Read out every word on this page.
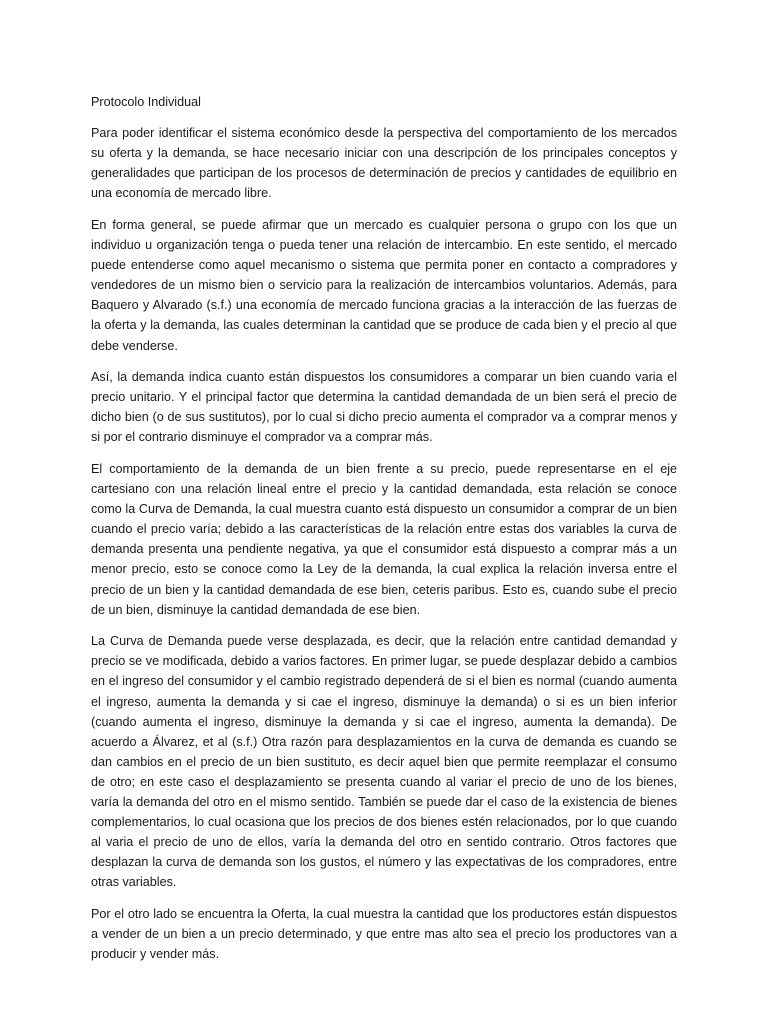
Protocolo Individual

Para poder identificar el sistema económico desde la perspectiva del comportamiento de los mercados su oferta y la demanda, se hace necesario iniciar con una descripción de los principales conceptos y generalidades que participan de los procesos de determinación de precios y cantidades de equilibrio en una economía de mercado libre.

En forma general, se puede afirmar que un mercado es cualquier persona o grupo con los que un individuo u organización tenga o pueda tener una relación de intercambio. En este sentido, el mercado puede entenderse como aquel mecanismo o sistema que permita poner en contacto a compradores y vendedores de un mismo bien o servicio para la realización de intercambios voluntarios. Además, para Baquero y Alvarado (s.f.) una economía de mercado funciona gracias a la interacción de las fuerzas de la oferta y la demanda, las cuales determinan la cantidad que se produce de cada bien y el precio al que debe venderse.

Así, la demanda indica cuanto están dispuestos los consumidores a comparar un bien cuando varia el precio unitario. Y el principal factor que determina la cantidad demandada de un bien será el precio de dicho bien (o de sus sustitutos), por lo cual si dicho precio aumenta el comprador va a comprar menos y si por el contrario disminuye el comprador va a comprar más.

El comportamiento de la demanda de un bien frente a su precio, puede representarse en el eje cartesiano con una relación lineal entre el precio y la cantidad demandada, esta relación se conoce como la Curva de Demanda, la cual muestra cuanto está dispuesto un consumidor a comprar de un bien cuando el precio varía; debido a las características de la relación entre estas dos variables la curva de demanda presenta una pendiente negativa, ya que el consumidor está dispuesto a comprar más a un menor precio, esto se conoce como la Ley de la demanda, la cual explica la relación inversa entre el precio de un bien y la cantidad demandada de ese bien, ceteris paribus. Esto es, cuando sube el precio de un bien, disminuye la cantidad demandada de ese bien.

La Curva de Demanda puede verse desplazada, es decir, que la relación entre cantidad demandad y precio se ve modificada, debido a varios factores. En primer lugar, se puede desplazar debido a cambios en el ingreso del consumidor y el cambio registrado dependerá de si el bien es normal (cuando aumenta el ingreso, aumenta la demanda y si cae el ingreso, disminuye la demanda) o si es un bien inferior (cuando aumenta el ingreso, disminuye la demanda y si cae el ingreso, aumenta la demanda). De acuerdo a Álvarez, et al (s.f.) Otra razón para desplazamientos en la curva de demanda es cuando se dan cambios en el precio de un bien sustituto, es decir aquel bien que permite reemplazar el consumo de otro; en este caso el desplazamiento se presenta cuando al variar el precio de uno de los bienes, varía la demanda del otro en el mismo sentido. También se puede dar el caso de la existencia de bienes complementarios, lo cual ocasiona que los precios de dos bienes estén relacionados, por lo que cuando al varia el precio de uno de ellos, varía la demanda del otro en sentido contrario. Otros factores que desplazan la curva de demanda son los gustos, el número y las expectativas de los compradores, entre otras variables.

Por el otro lado se encuentra la Oferta, la cual muestra la cantidad que los productores están dispuestos a vender de un bien a un precio determinado, y que entre mas alto sea el precio los productores van a producir y vender más.
